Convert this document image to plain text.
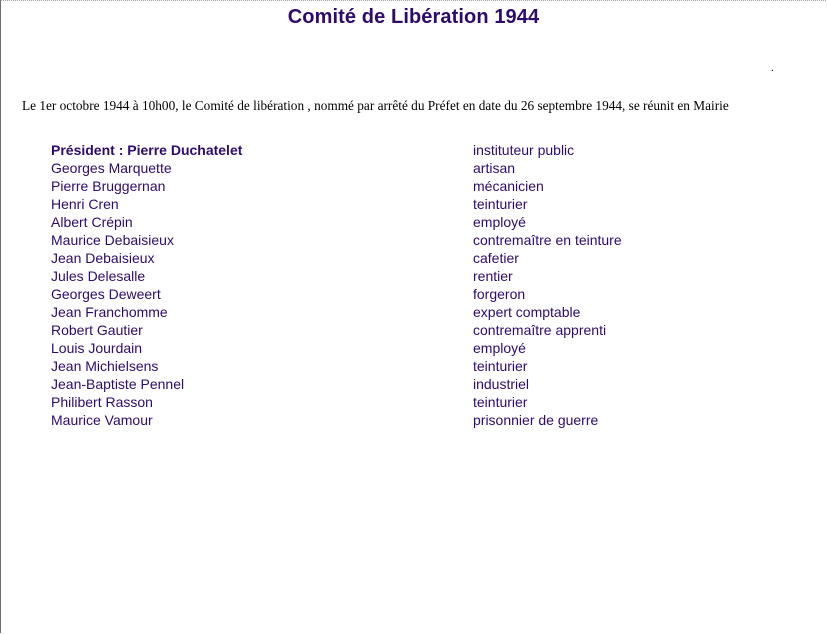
Comité de Libération 1944
.

Le 1er octobre 1944 à 10h00, le Comité de libération , nommé par arrêté du Préfet en date du 26 septembre 1944, se réunit en Mairie

Président : Pierre Duchatelet	instituteur public
Georges Marquette	artisan
Pierre Bruggernan	mécanicien
Henri Cren	teinturier
Albert Crépin	employé
Maurice Debaisieux	contremaître en teinture
Jean Debaisieux	cafetier
Jules Delesalle	rentier
Georges Deweert	forgeron
Jean Franchomme	expert comptable
Robert Gautier	contremaître apprenti
Louis Jourdain	employé
Jean Michielsens	teinturier
Jean-Baptiste Pennel	industriel
Philibert Rasson	teinturier
Maurice Vamour	prisonnier de guerre
